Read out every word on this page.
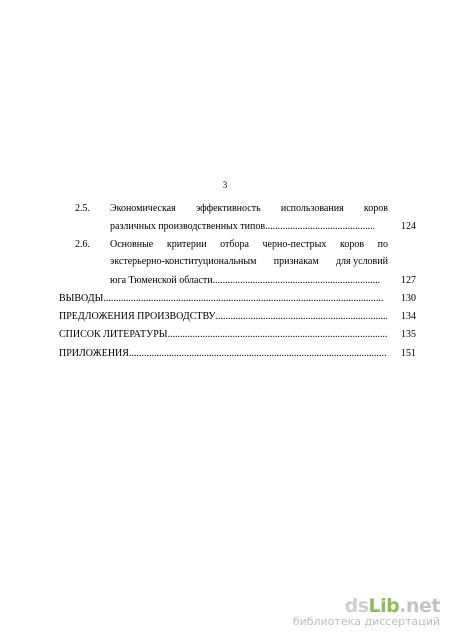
3
2.5. Экономическая эффективность использования коров
различных производственных типов .....	124
2.6. Основные критерии отбора черно-пестрых коров по
экстерьерно-конституциональным признакам для условий
юга Тюменской области .....	127
ВЫВОДЫ .....	130
ПРЕДЛОЖЕНИЯ ПРОИЗВОДСТВУ .....	134
СПИСОК ЛИТЕРАТУРЫ .....	135
ПРИЛОЖЕНИЯ .....	151
dsLib.net
библиотека диссертаций
